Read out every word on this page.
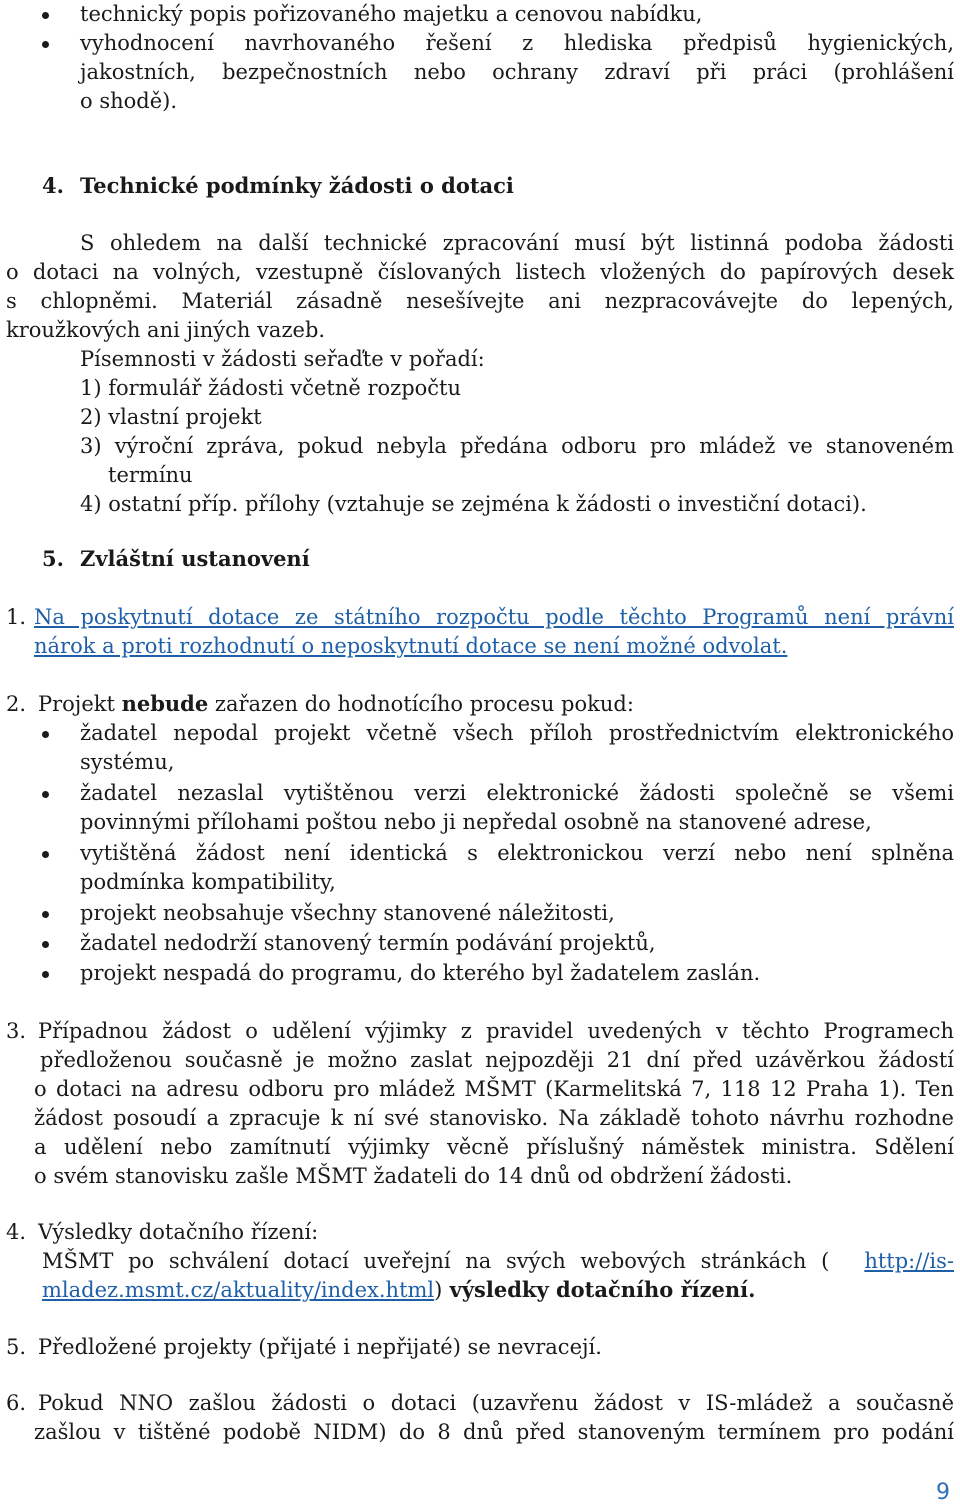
technický popis pořizovaného majetku a cenovou nabídku,
vyhodnocení navrhovaného řešení z hlediska předpisů hygienických,
jakostních, bezpečnostních nebo ochrany zdraví při práci (prohlášení
o shodě).
4. Technické podmínky žádosti o dotaci
S ohledem na další technické zpracování musí být listinná podoba žádosti
o dotaci na volných, vzestupně číslovaných listech vložených do papírových desek
s chlopněmi. Materiál zásadně nesešívejte ani nezpracovávejte do lepených,
kroužkových ani jiných vazeb.
Písemnosti v žádosti seřaďte v pořadí:
1) formulář žádosti včetně rozpočtu
2) vlastní projekt
3) výroční zpráva, pokud nebyla předána odboru pro mládež ve stanoveném
termínu
4) ostatní příp. přílohy (vztahuje se zejména k žádosti o investiční dotaci).
5. Zvláštní ustanovení
1. Na poskytnutí dotace ze státního rozpočtu podle těchto Programů není právní
nárok a proti rozhodnutí o neposkytnutí dotace se není možné odvolat.
2. Projekt nebude zařazen do hodnotícího procesu pokud:
žadatel nepodal projekt včetně všech příloh prostřednictvím elektronického
systému,
žadatel nezaslal vytištěnou verzi elektronické žádosti společně se všemi
povinnými přílohami poštou nebo ji nepředal osobně na stanovené adrese,
vytištěná žádost není identická s elektronickou verzí nebo není splněna
podmínka kompatibility,
projekt neobsahuje všechny stanovené náležitosti,
žadatel nedodrží stanovený termín podávání projektů,
projekt nespadá do programu, do kterého byl žadatelem zaslán.
3. Případnou žádost o udělení výjimky z pravidel uvedených v těchto Programech
předloženou současně je možno zaslat nejpozději 21 dní před uzávěrkou žádostí
o dotaci na adresu odboru pro mládež MŠMT (Karmelitská 7, 118 12 Praha 1). Ten
žádost posoudí a zpracuje k ní své stanovisko. Na základě tohoto návrhu rozhodne
a udělení nebo zamítnutí výjimky věcně příslušný náměstek ministra. Sdělení
o svém stanovisku zašle MŠMT žadateli do 14 dnů od obdržení žádosti.
4. Výsledky dotačního řízení:
MŠMT po schválení dotací uveřejní na svých webových stránkách ( http://is-
mladez.msmt.cz/aktuality/index.html) výsledky dotačního řízení.
5. Předložené projekty (přijaté i nepřijaté) se nevracejí.
6. Pokud NNO zašlou žádosti o dotaci (uzavřenu žádost v IS-mládež a současně
zašlou v tištěné podobě NIDM) do 8 dnů před stanoveným termínem pro podání
9
